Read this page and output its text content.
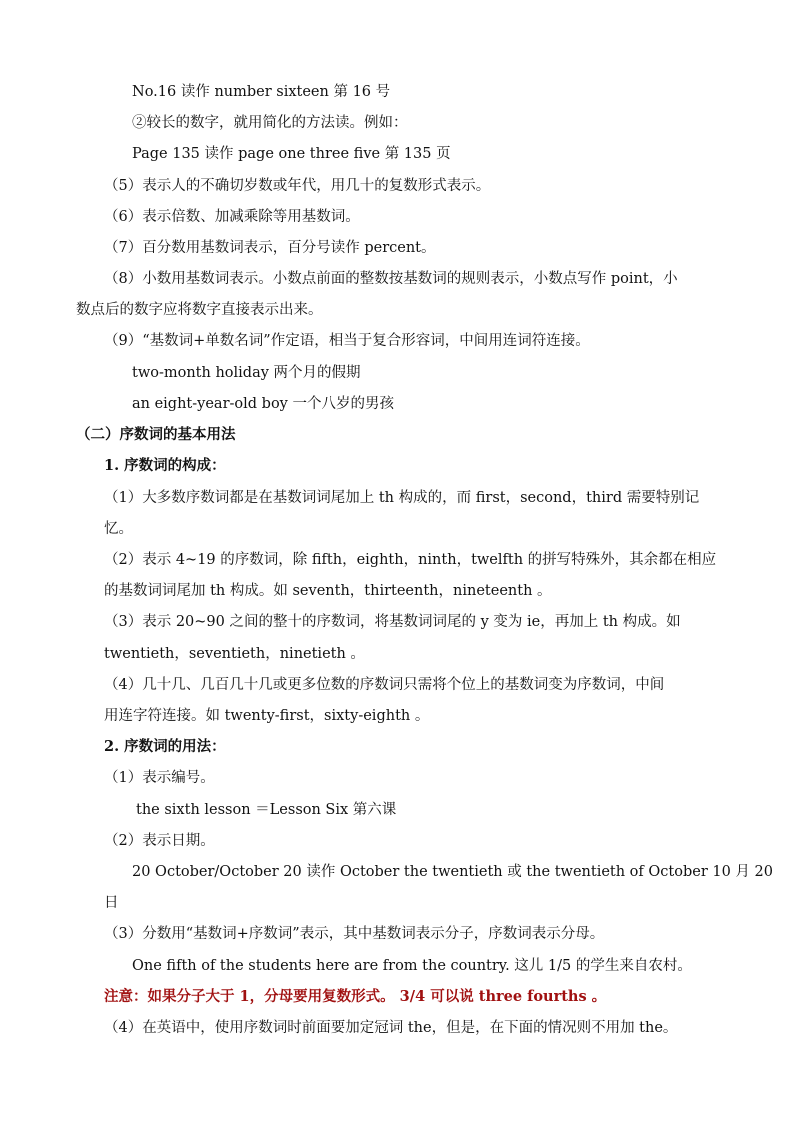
No.16 读作 number sixteen 第 16 号
②较长的数字，就用简化的方法读。例如：
Page 135 读作 page one three five 第 135 页
（5）表示人的不确切岁数或年代，用几十的复数形式表示。
（6）表示倍数、加减乘除等用基数词。
（7）百分数用基数词表示，百分号读作 percent。
（8）小数用基数词表示。小数点前面的整数按基数词的规则表示，小数点写作 point，小
数点后的数字应将数字直接表示出来。
（9）“基数词+单数名词”作定语，相当于复合形容词，中间用连词符连接。
two-month holiday 两个月的假期
an eight-year-old boy 一个八岁的男孩
（二）序数词的基本用法
1. 序数词的构成：
（1）大多数序数词都是在基数词词尾加上 th 构成的，而 first，second，third 需要特别记
忆。
（2）表示 4~19 的序数词，除 fifth，eighth，ninth，twelfth 的拼写特殊外，其余都在相应
的基数词词尾加 th 构成。如 seventh，thirteenth，nineteenth 。
（3）表示 20~90 之间的整十的序数词，将基数词词尾的 y 变为 ie，再加上 th 构成。如
twentieth，seventieth，ninetieth 。
（4）几十几、几百几十几或更多位数的序数词只需将个位上的基数词变为序数词，中间
用连字符连接。如 twenty-first，sixty-eighth 。
2. 序数词的用法：
（1）表示编号。
the sixth lesson ＝Lesson Six 第六课
（2）表示日期。
20 October/October 20 读作 October the twentieth 或 the twentieth of October 10 月 20
日
（3）分数用“基数词+序数词”表示，其中基数词表示分子，序数词表示分母。
One fifth of the students here are from the country. 这儿 1/5 的学生来自农村。
注意：如果分子大于 1，分母要用复数形式。 3/4 可以说 three fourths 。
（4）在英语中，使用序数词时前面要加定冠词 the，但是，在下面的情况则不用加 the。
